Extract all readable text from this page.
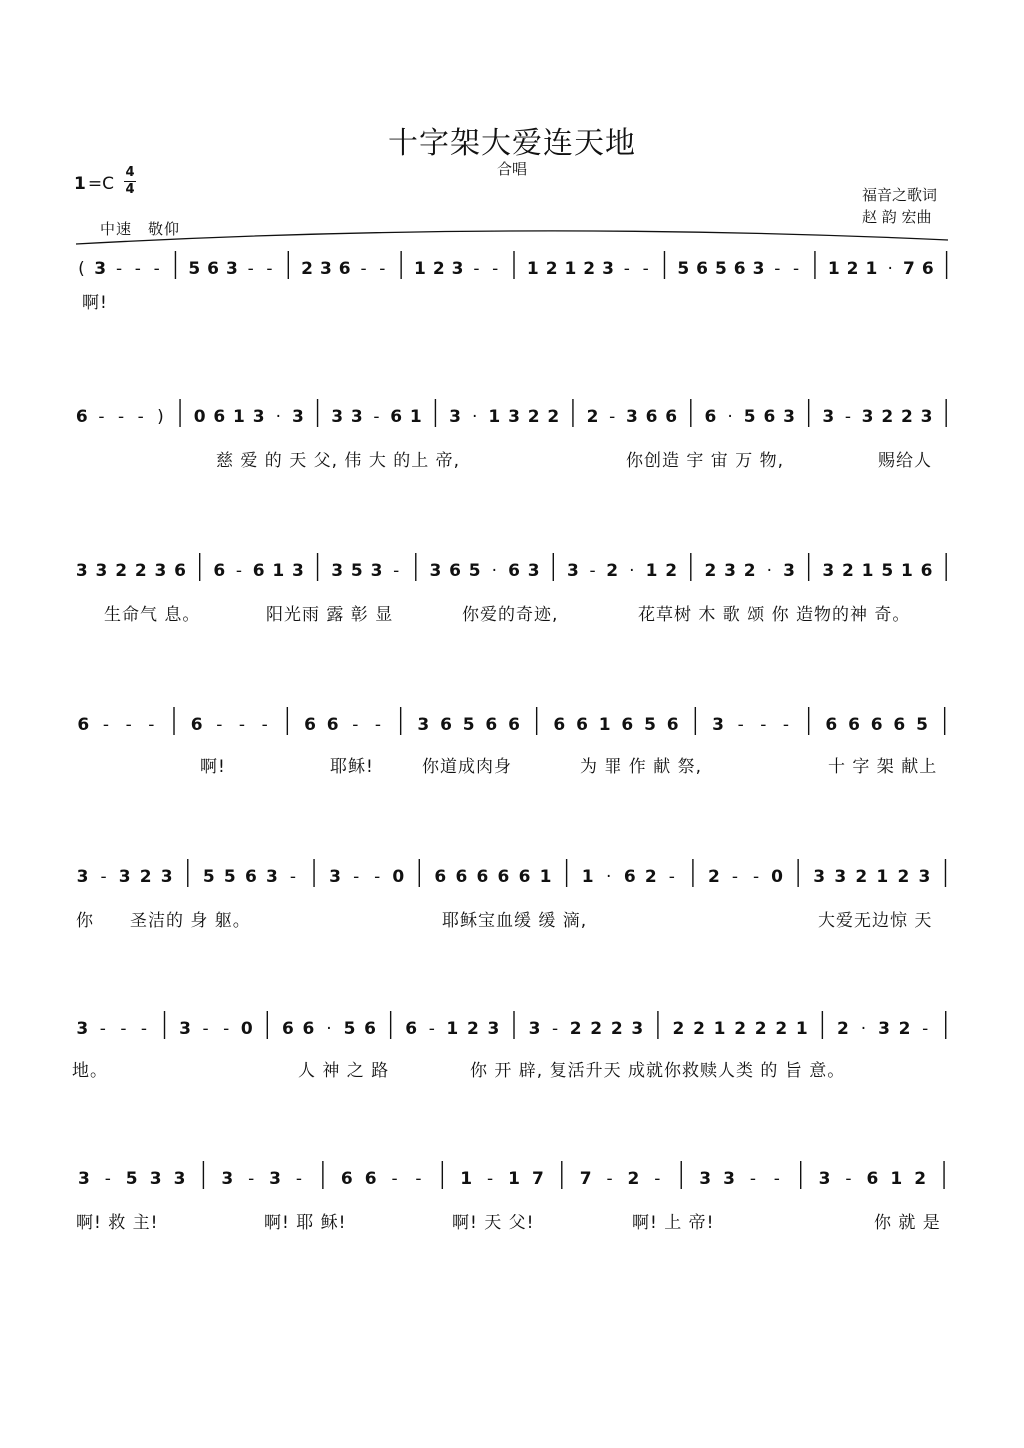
十字架大爱连天地
合唱
1 =C
4
4	福音之歌词
赵 韵 宏曲
中速 敬仰
( 3 - - - 5 6 3 - - 2 3 6 - - 1 2 3 - - 1 2 1 2 3 - - 5 6 5 6 3 - - 1 2 1 · 7 6
啊!
6 - - - ) 0 6 1 3 · 3 3 3 - 6 1 3 · 1 3 2 2 2 - 3 6 6 6 · 5 6 3 3 - 3 2 2 3
慈 爱 的 天 父, 伟 大 的上 帝,	你创造 宇 宙 万 物,	赐给人
3 3 2 2 3 6 6 - 6 1 3 3 5 3 - 3 6 5 · 6 3 3 - 2 · 1 2 2 3 2 · 3 3 2 1 5 1 6
生命气 息。	阳光雨 露 彰 显	你爱的奇迹,	花草树 木 歌 颂 你 造物的神 奇。
6 - - - 6 - - - 6 6 - - 3 6 5 6 6 6 6 1 6 5 6 3 - - - 6 6 6 6 5
啊!	耶稣!	你道成肉身	为 罪 作 献 祭,	十 字 架 献上
3 - 3 2 3 5 5 6 3 - 3 - - 0 6 6 6 6 6 1 1 · 6 2 - 2 - - 0 3 3 2 1 2 3
你 圣洁的 身 躯。	耶稣宝血缓 缓 滴,	大爱无边惊 天
3 - - - 3 - - 0 6 6 · 5 6 6 - 1 2 3 3 - 2 2 2 3 2 2 1 2 2 2 1 2 · 3 2 -
地。	人 神 之 路	你 开 辟, 复活升天 成就你救赎人类 的 旨 意。
3 - 5 3 3 3 - 3 - 6 6 - - 1 - 1 7 7 - 2 - 3 3 - - 3 - 6 1 2
啊! 救 主!	啊! 耶 稣!	啊! 天 父!	啊! 上 帝!	你 就 是
